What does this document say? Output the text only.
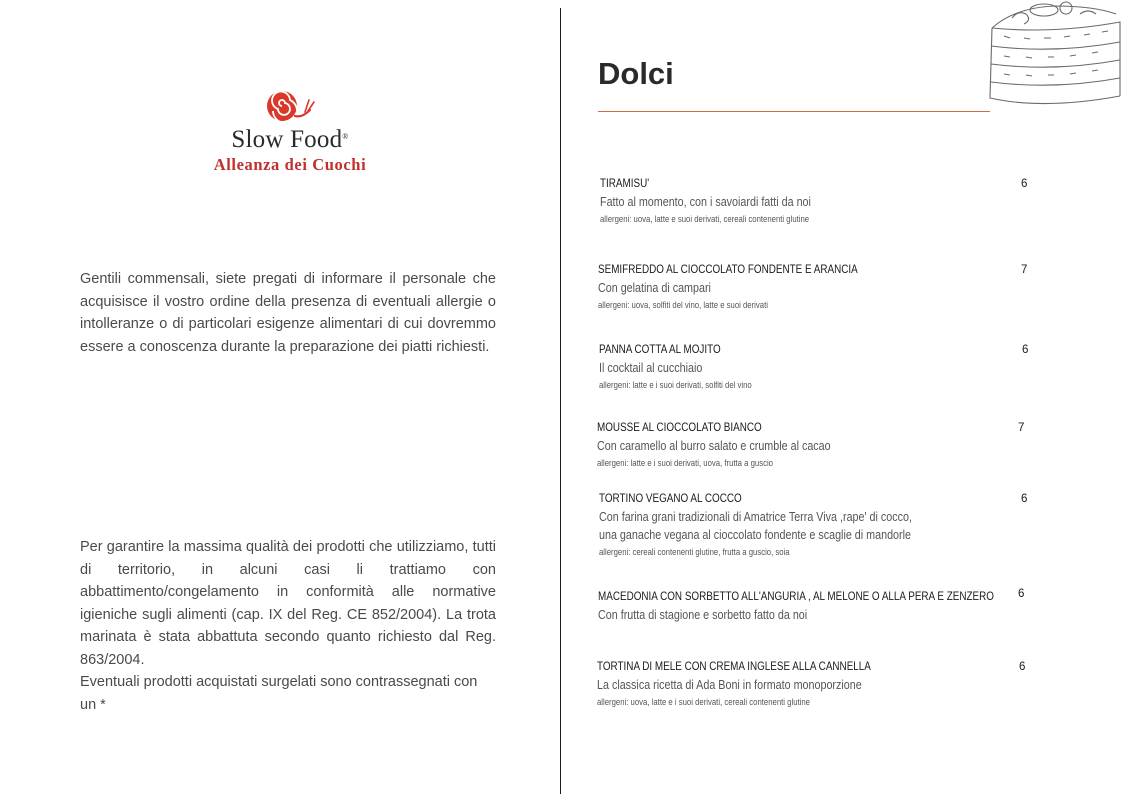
Slow Food®
Alleanza dei Cuochi

Gentili commensali, siete pregati di informare il personale che acquisisce il vostro ordine della presenza di eventuali allergie o intolleranze o di particolari esigenze alimentari di cui dovremmo essere a conoscenza durante la preparazione dei piatti richiesti.

Per garantire la massima qualità dei prodotti che utilizziamo, tutti di territorio, in alcuni casi li trattiamo con abbattimento/congelamento in conformità alle normative igieniche sugli alimenti (cap. IX del Reg. CE 852/2004). La trota marinata è stata abbattuta secondo quanto richiesto dal Reg. 863/2004.

Eventuali prodotti acquistati surgelati sono contrassegnati con un *

Dolci
TIRAMISU'
Fatto al momento, con i savoiardi fatti da noi
allergeni: uova, latte e suoi derivati, cereali contenenti glutine
6
SEMIFREDDO AL CIOCCOLATO FONDENTE E ARANCIA
Con gelatina di campari
allergeni: uova, solfiti del vino, latte e suoi derivati
7
PANNA COTTA AL MOJITO
Il cocktail al cucchiaio
allergeni: latte e i suoi derivati, solfiti del vino
6
MOUSSE AL CIOCCOLATO BIANCO
Con caramello al burro salato e crumble al cacao
allergeni: latte e i suoi derivati, uova, frutta a guscio
7
TORTINO VEGANO AL COCCO
Con farina grani tradizionali di Amatrice Terra Viva ,rape' di cocco,
una ganache vegana al cioccolato fondente e scaglie di mandorle
allergeni: cereali contenenti glutine, frutta a guscio, soia
6
MACEDONIA CON SORBETTO ALL'ANGURIA , AL MELONE O ALLA PERA E ZENZERO
Con frutta di stagione e sorbetto fatto da noi
6
TORTINA DI MELE CON CREMA INGLESE ALLA CANNELLA
La classica ricetta di Ada Boni in formato monoporzione
allergeni: uova, latte e i suoi derivati, cereali contenenti glutine
6
